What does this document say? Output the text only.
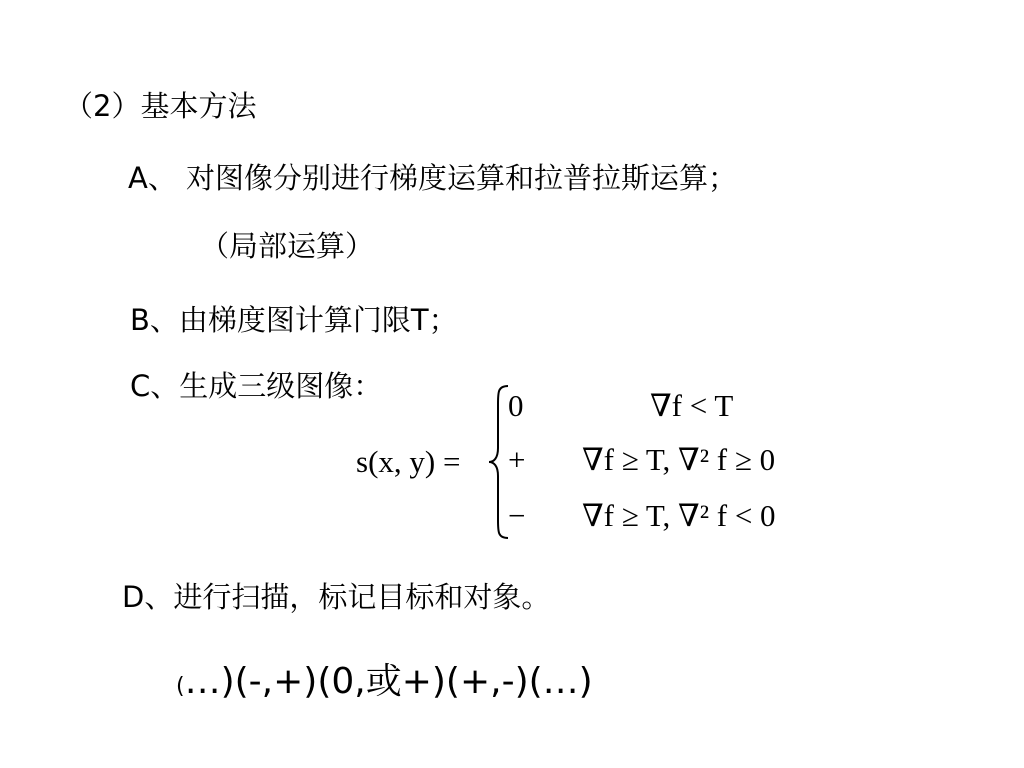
（2）基本方法
A、 对图像分别进行梯度运算和拉普拉斯运算；
（局部运算）
B、由梯度图计算门限T；
C、生成三级图像：
s(x, y) =
0	∇f < T
+ ∇f ≥ T, ∇² f ≥ 0
− ∇f ≥ T, ∇² f < 0
D、进行扫描，标记目标和对象。
(…)(-,+)(0,或+)(+,-)(…)
